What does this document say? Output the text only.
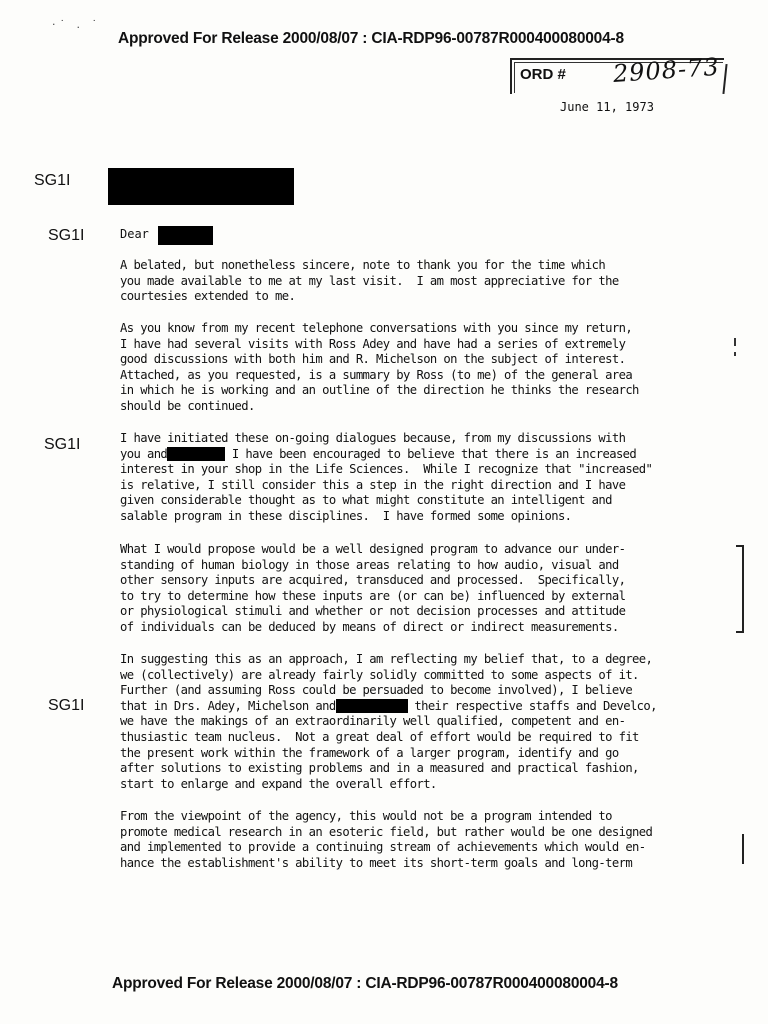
·˙ . ˙
Approved For Release 2000/08/07 : CIA-RDP96-00787R000400080004-8
ORD # 2908-73
June 11, 1973
SG1I
SG1I	Dear
A belated, but nonetheless sincere, note to thank you for the time which
you made available to me at my last visit.  I am most appreciative for the
courtesies extended to me.
As you know from my recent telephone conversations with you since my return,
I have had several visits with Ross Adey and have had a series of extremely
good discussions with both him and R. Michelson on the subject of interest.
Attached, as you requested, is a summary by Ross (to me) of the general area
in which he is working and an outline of the direction he thinks the research
should be continued.
SG1I	I have initiated these on-going dialogues because, from my discussions with
you and	I have been encouraged to believe that there is an increased
interest in your shop in the Life Sciences.  While I recognize that "increased"
is relative, I still consider this a step in the right direction and I have
given considerable thought as to what might constitute an intelligent and
salable program in these disciplines.  I have formed some opinions.
What I would propose would be a well designed program to advance our under-
standing of human biology in those areas relating to how audio, visual and
other sensory inputs are acquired, transduced and processed.  Specifically,
to try to determine how these inputs are (or can be) influenced by external
or physiological stimuli and whether or not decision processes and attitude
of individuals can be deduced by means of direct or indirect measurements.
SG1I
In suggesting this as an approach, I am reflecting my belief that, to a degree,
we (collectively) are already fairly solidly committed to some aspects of it.
Further (and assuming Ross could be persuaded to become involved), I believe
that in Drs. Adey, Michelson and	their respective staffs and Develco,
we have the makings of an extraordinarily well qualified, competent and en-
thusiastic team nucleus.  Not a great deal of effort would be required to fit
the present work within the framework of a larger program, identify and go
after solutions to existing problems and in a measured and practical fashion,
start to enlarge and expand the overall effort.
From the viewpoint of the agency, this would not be a program intended to
promote medical research in an esoteric field, but rather would be one designed
and implemented to provide a continuing stream of achievements which would en-
hance the establishment's ability to meet its short-term goals and long-term
Approved For Release 2000/08/07 : CIA-RDP96-00787R000400080004-8
